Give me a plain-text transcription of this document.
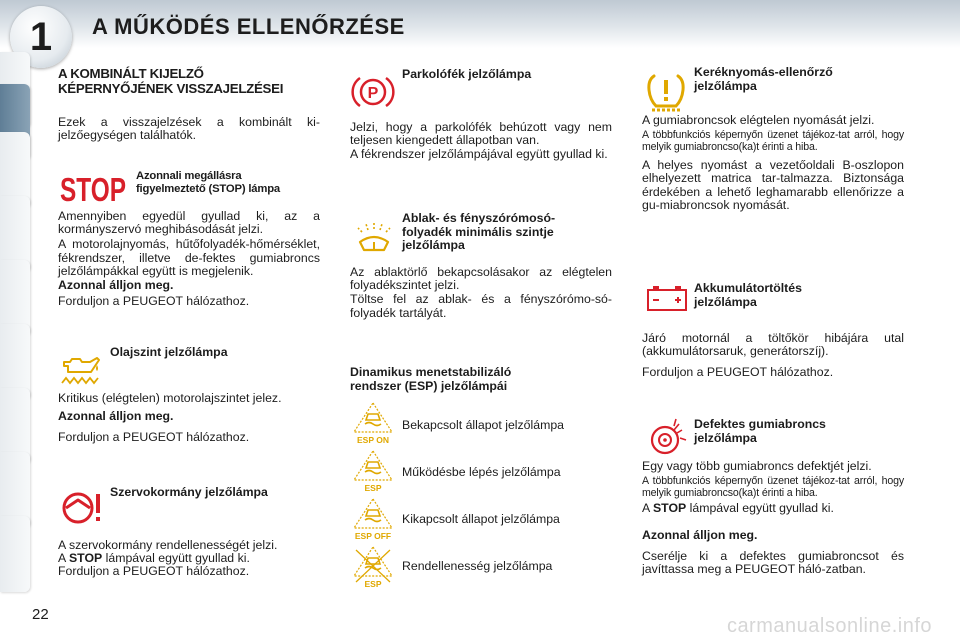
1	A MŰKÖDÉS ELLENŐRZÉSE

A KOMBINÁLT KIJELZŐ
KÉPERNYŐJÉNEK VISSZAJELZÉSEI

Ezek a visszajelzések a kombinált ki-jelzőegységen találhatók.

STOP Azonnali megállásra
figyelmeztető (STOP) lámpa

Amennyiben egyedül gyullad ki, az a kormányszervó meghibásodását jelzi.

A motorolajnyomás, hűtőfolyadék-hőmérséklet, fékrendszer, illetve de-fektes gumiabroncs jelzőlámpákkal együtt is megjelenik.

Azonnal álljon meg.

Forduljon a PEUGEOT hálózathoz.

Olajszint jelzőlámpa

Kritikus (elégtelen) motorolajszintet jelez.

Azonnal álljon meg.

Forduljon a PEUGEOT hálózathoz.

Szervokormány jelzőlámpa

A szervokormány rendellenességét jelzi.

A STOP lámpával együtt gyullad ki.

Forduljon a PEUGEOT hálózathoz.

P
Parkolófék jelzőlámpa

Jelzi, hogy a parkolófék behúzott vagy nem teljesen kiengedett állapotban van.

A fékrendszer jelzőlámpájával együtt gyullad ki.

Ablak- és fényszórómosó-
folyadék minimális szintje
jelzőlámpa

Az ablaktörlő bekapcsolásakor az elégtelen folyadékszintet jelzi.

Töltse fel az ablak- és a fényszórómo-só-folyadék tartályát.

Dinamikus menetstabilizáló
rendszer (ESP) jelzőlámpái
ESP ON
Bekapcsolt állapot jelzőlámpa
ESP
Működésbe lépés jelzőlámpa
ESP OFF
Kikapcsolt állapot jelzőlámpa
ESP
Rendellenesség jelzőlámpa
Keréknyomás-ellenőrző
jelzőlámpa

A gumiabroncsok elégtelen nyomását jelzi.

A többfunkciós képernyőn üzenet tájékoz-tat arról, hogy melyik gumiabroncso(ka)t érinti a hiba.

A helyes nyomást a vezetőoldali B-oszlopon elhelyezett matrica tar-talmazza. Biztonsága érdekében a lehető leghamarabb ellenőrizze a gu-miabroncsok nyomását.

Akkumulátortöltés
jelzőlámpa

Járó motornál a töltőkör hibájára utal (akkumulátorsaruk, generátorszíj).

Forduljon a PEUGEOT hálózathoz.

Defektes gumiabroncs
jelzőlámpa

Egy vagy több gumiabroncs defektjét jelzi.

A többfunkciós képernyőn üzenet tájékoz-tat arról, hogy melyik gumiabroncso(ka)t érinti a hiba.

A STOP lámpával együtt gyullad ki.

Azonnal álljon meg.

Cserélje ki a defektes gumiabroncsot és javíttassa meg a PEUGEOT háló-zatban.

22
carmanualsonline.info
